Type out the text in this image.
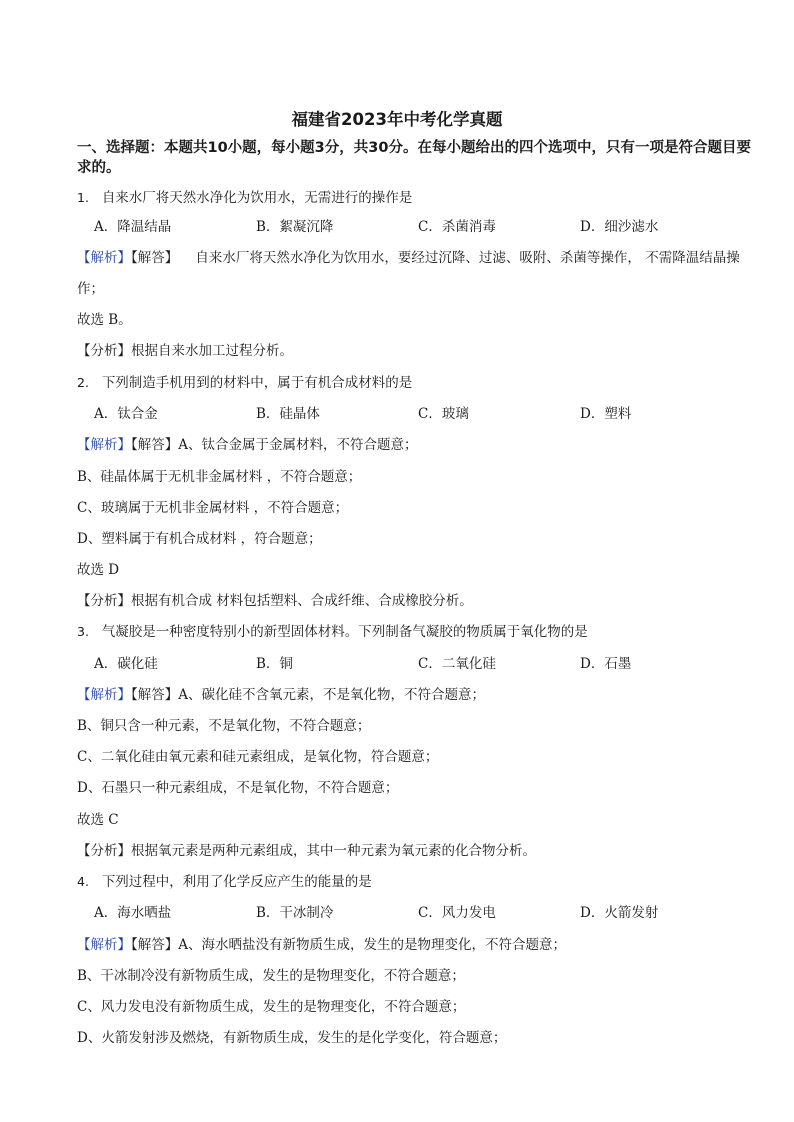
福建省2023年中考化学真题
一、选择题：本题共10小题，每小题3分，共30分。在每小题给出的四个选项中，只有一项是符合题目要求的。
1. 自来水厂将天然水净化为饮用水，无需进行的操作是
A．降温结晶	B．絮凝沉降	C．杀菌消毒	D．细沙滤水
【解析】【解答】 自来水厂将天然水净化为饮用水，要经过沉降、过滤、吸附、杀菌等操作， 不需降温结晶操作；
故选 B。
【分析】根据自来水加工过程分析。
2. 下列制造手机用到的材料中，属于有机合成材料的是
A．钛合金	B．硅晶体	C．玻璃	D．塑料
【解析】【解答】A、钛合金属于金属材料，不符合题意；
B、硅晶体属于无机非金属材料 ，不符合题意；
C、玻璃属于无机非金属材料 ，不符合题意；
D、塑料属于有机合成材料 ，符合题意；
故选 D
【分析】根据有机合成 材料包括塑料、合成纤维、合成橡胶分析。
3. 气凝胶是一种密度特别小的新型固体材料。下列制备气凝胶的物质属于氧化物的是
A．碳化硅	B．铜	C．二氧化硅	D．石墨
【解析】【解答】A、碳化硅不含氧元素，不是氧化物，不符合题意；
B、铜只含一种元素，不是氧化物，不符合题意；
C、二氧化硅由氧元素和硅元素组成，是氧化物，符合题意；
D、石墨只一种元素组成，不是氧化物，不符合题意；
故选 C
【分析】根据氧元素是两种元素组成，其中一种元素为氧元素的化合物分析。
4. 下列过程中，利用了化学反应产生的能量的是
A．海水晒盐	B．干冰制冷	C．风力发电	D．火箭发射
【解析】【解答】A、海水晒盐没有新物质生成，发生的是物理变化，不符合题意；
B、干冰制冷没有新物质生成，发生的是物理变化，不符合题意；
C、风力发电没有新物质生成，发生的是物理变化，不符合题意；
D、火箭发射涉及燃烧，有新物质生成，发生的是化学变化，符合题意；
